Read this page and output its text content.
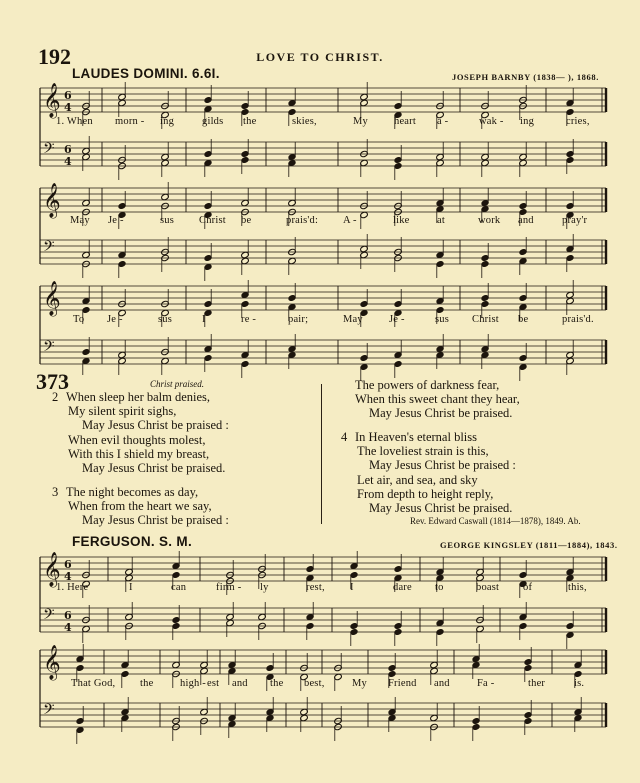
192	LOVE TO CHRIST.
LAUDES DOMINI. 6.6I.	JOSEPH BARNBY (1838— ), 1868.
𝄞 6
4
𝄢 6
4
𝄞
𝄢
𝄞
𝄢
𝄞 6
4
𝄢 6
4
𝄞
𝄢
1. When morn - ing	gilds the	skies,	My heart a -	wak - ing	cries,
May Je -	sus Christ be	prais'd: A -	like	at	work and	pray'r
To Je -	sus	I	re -	pair;	May Je -	sus Christ be	prais'd.
1. Here	I	can	firm - ly	rest, I	dare to	boast of	this,
That God, the	high - est and the best,	My Friend and	Fa -	ther	is.
373	Christ praised.
2 When sleep her balm denies,
My silent spirit sighs,
May Jesus Christ be praised :
When evil thoughts molest,
With this I shield my breast,
May Jesus Christ be praised.
3 The night becomes as day,
When from the heart we say,
May Jesus Christ be praised :
The powers of darkness fear,
When this sweet chant they hear,
May Jesus Christ be praised.
4 In Heaven's eternal bliss
The loveliest strain is this,
May Jesus Christ be praised :
Let air, and sea, and sky
From depth to height reply,
May Jesus Christ be praised.
Rev. Edward Caswall (1814—1878), 1849. Ab.
FERGUSON. S. M.	GEORGE KINGSLEY (1811—1884), 1843.
